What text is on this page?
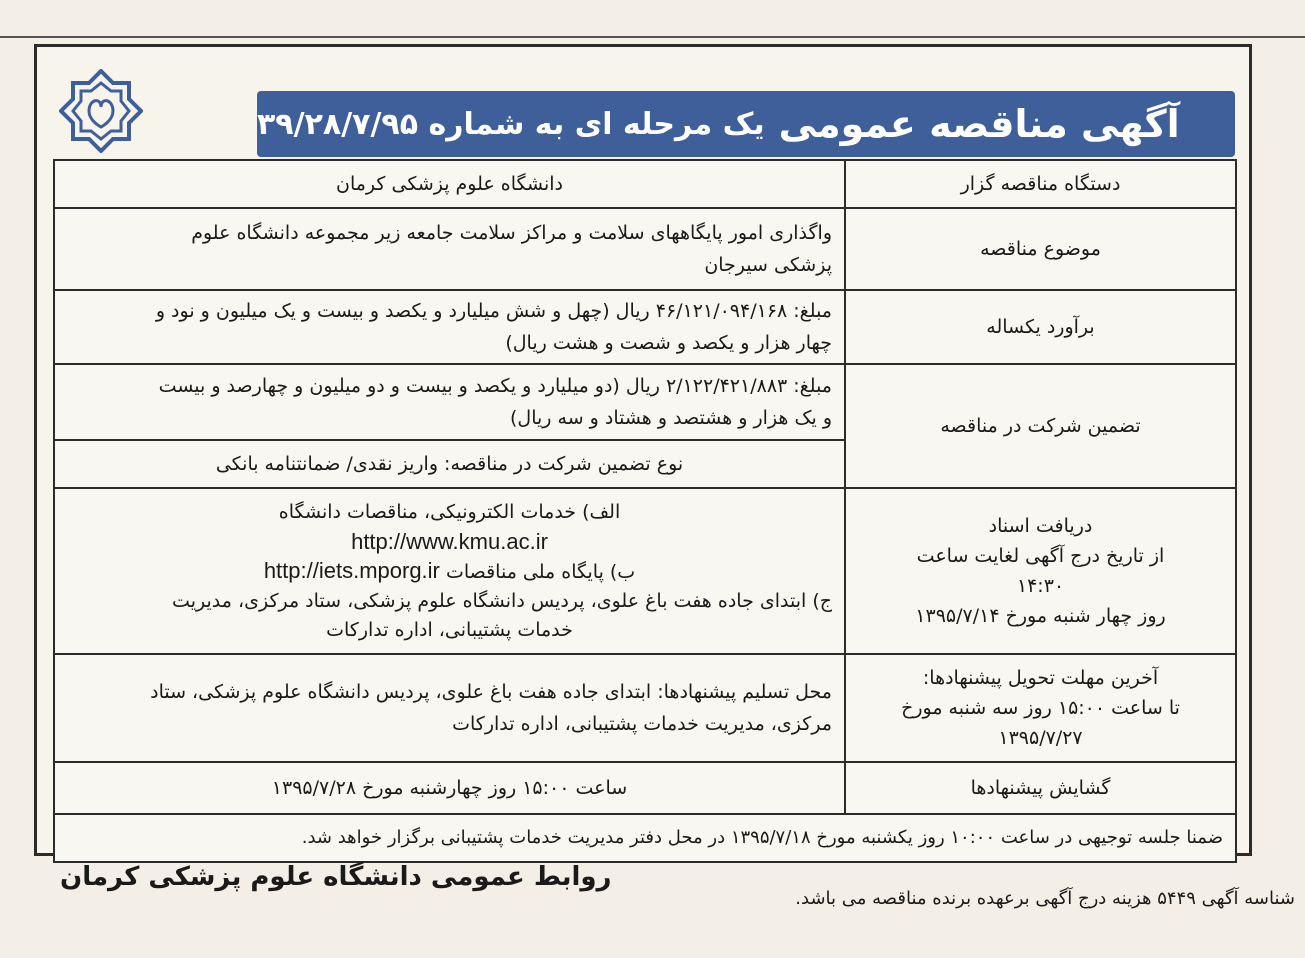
آگهی مناقصه عمومی
یک مرحله ای به شماره ۳۹/۲۸/۷/۹۵
دستگاه مناقصه گزار
دانشگاه علوم پزشکی کرمان
موضوع مناقصه
واگذاری امور پایگاههای سلامت و مراکز سلامت جامعه زیر مجموعه دانشگاه علوم
پزشکی سیرجان
برآورد یکساله
مبلغ: ۴۶/۱۲۱/۰۹۴/۱۶۸ ریال (چهل و شش میلیارد و یکصد و بیست و یک میلیون و نود و
چهار هزار و یکصد و شصت و هشت ریال)
تضمین شرکت در مناقصه
مبلغ: ۲/۱۲۲/۴۲۱/۸۸۳ ریال (دو میلیارد و یکصد و بیست و دو میلیون و چهارصد و بیست
و یک هزار و هشتصد و هشتاد و سه ریال)
نوع تضمین شرکت در مناقصه: واریز نقدی/ ضمانتنامه بانکی
دریافت اسناد
از تاریخ درج آگهی لغایت ساعت
۱۴:۳۰
روز چهار شنبه مورخ ۱۳۹۵/۷/۱۴
الف) خدمات الکترونیکی، مناقصات دانشگاه
http://www.kmu.ac.ir
ب) پایگاه ملی مناقصات http://iets.mporg.ir
ج) ابتدای جاده هفت باغ علوی، پردیس دانشگاه علوم پزشکی، ستاد مرکزی، مدیریت
خدمات پشتیبانی، اداره تدارکات
آخرین مهلت تحویل پیشنهادها:
تا ساعت ۱۵:۰۰ روز سه شنبه مورخ
۱۳۹۵/۷/۲۷
محل تسلیم پیشنهادها: ابتدای جاده هفت باغ علوی، پردیس دانشگاه علوم پزشکی، ستاد
مرکزی، مدیریت خدمات پشتیبانی، اداره تدارکات
گشایش پیشنهادها
ساعت ۱۵:۰۰ روز چهارشنبه مورخ ۱۳۹۵/۷/۲۸
ضمنا جلسه توجیهی در ساعت ۱۰:۰۰ روز یکشنبه مورخ ۱۳۹۵/۷/۱۸ در محل دفتر مدیریت خدمات پشتیبانی برگزار خواهد شد.
روابط عمومی دانشگاه علوم پزشکی کرمان
شناسه آگهی ۵۴۴۹ هزینه درج آگهی برعهده برنده مناقصه می باشد.
